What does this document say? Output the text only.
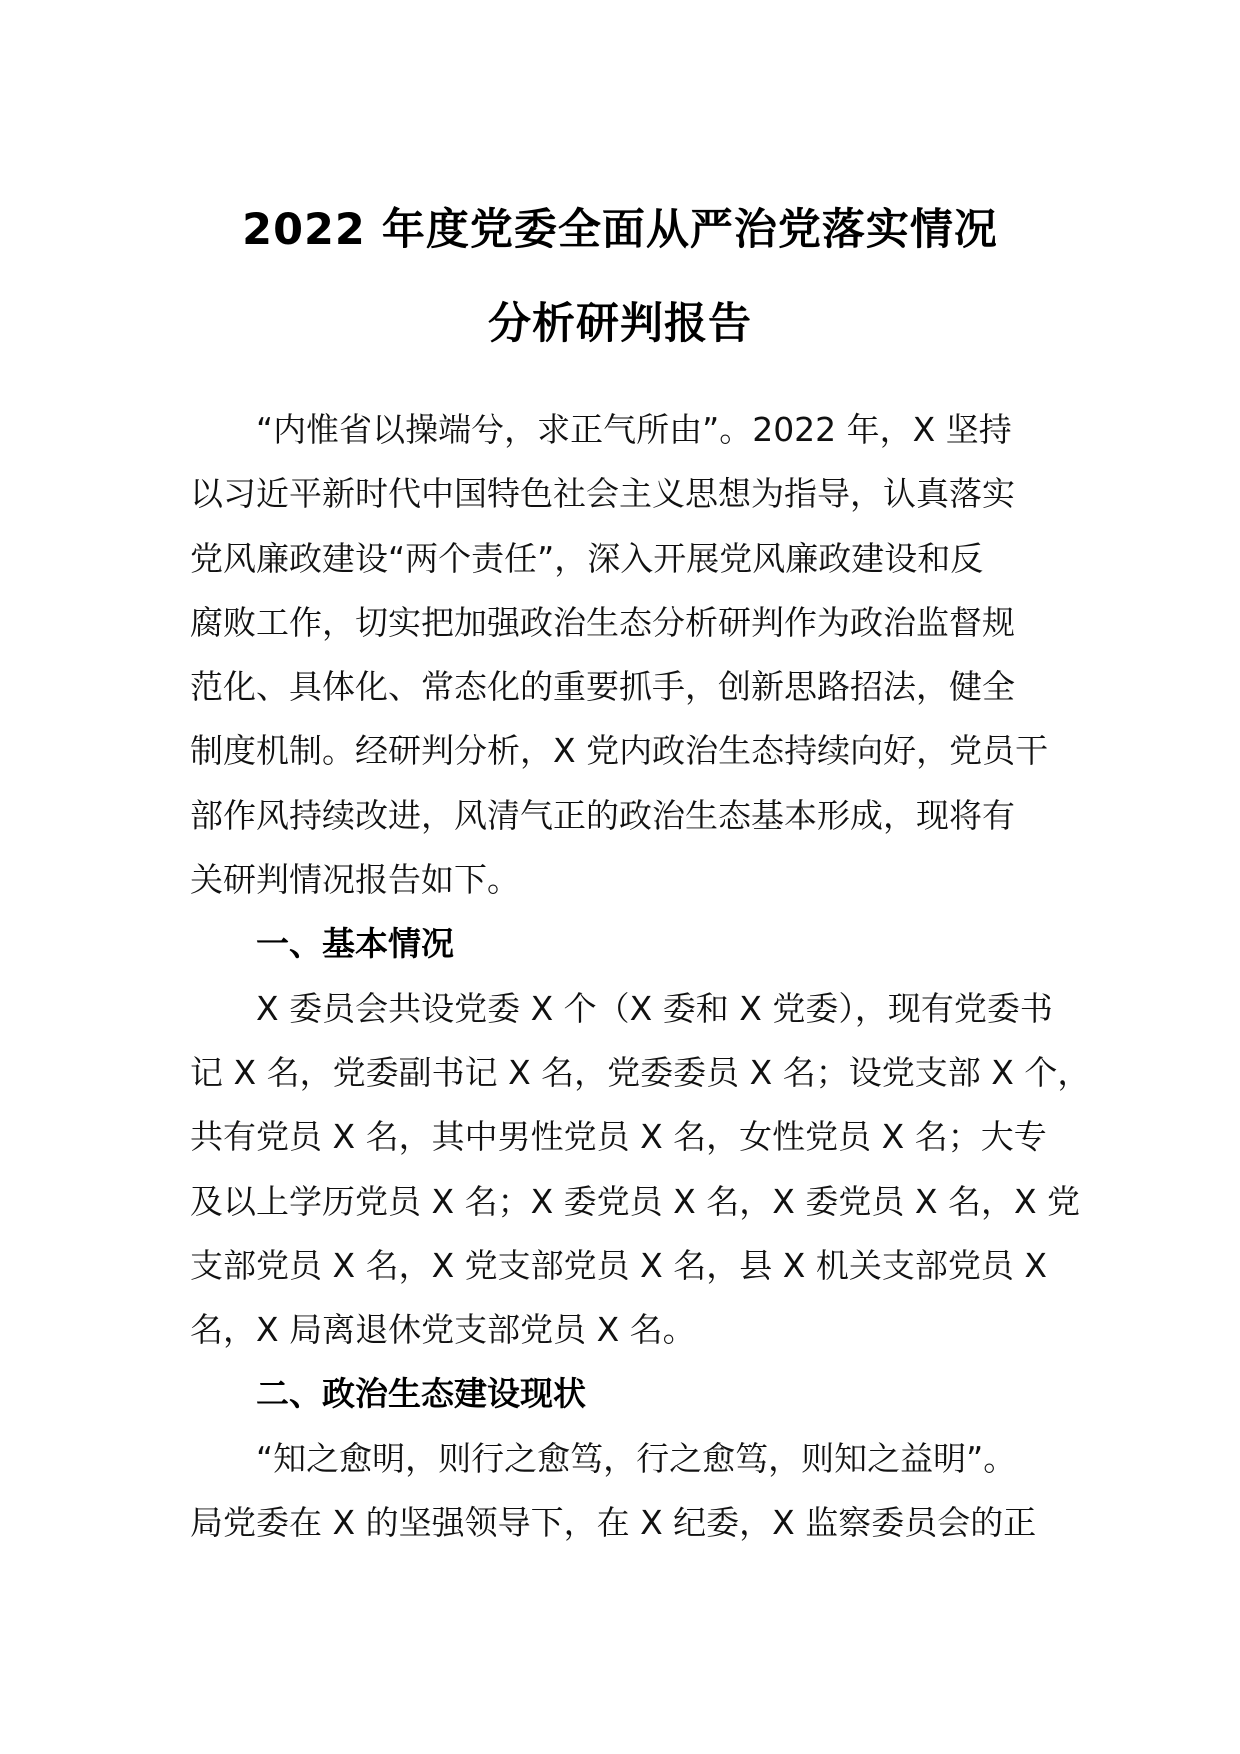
2022 年度党委全面从严治党落实情况
分析研判报告
“内惟省以操端兮，求正气所由”。2022 年，X 坚持
以习近平新时代中国特色社会主义思想为指导，认真落实
党风廉政建设“两个责任”，深入开展党风廉政建设和反
腐败工作，切实把加强政治生态分析研判作为政治监督规
范化、具体化、常态化的重要抓手，创新思路招法，健全
制度机制。经研判分析，X 党内政治生态持续向好，党员干
部作风持续改进，风清气正的政治生态基本形成，现将有
关研判情况报告如下。
一、基本情况
X 委员会共设党委 X 个（X 委和 X 党委），现有党委书
记 X 名，党委副书记 X 名，党委委员 X 名；设党支部 X 个，
共有党员 X 名，其中男性党员 X 名，女性党员 X 名；大专
及以上学历党员 X 名；X 委党员 X 名，X 委党员 X 名，X 党
支部党员 X 名，X 党支部党员 X 名，县 X 机关支部党员 X
名，X 局离退休党支部党员 X 名。
二、政治生态建设现状
“知之愈明，则行之愈笃，行之愈笃，则知之益明”。
局党委在 X 的坚强领导下，在 X 纪委，X 监察委员会的正
